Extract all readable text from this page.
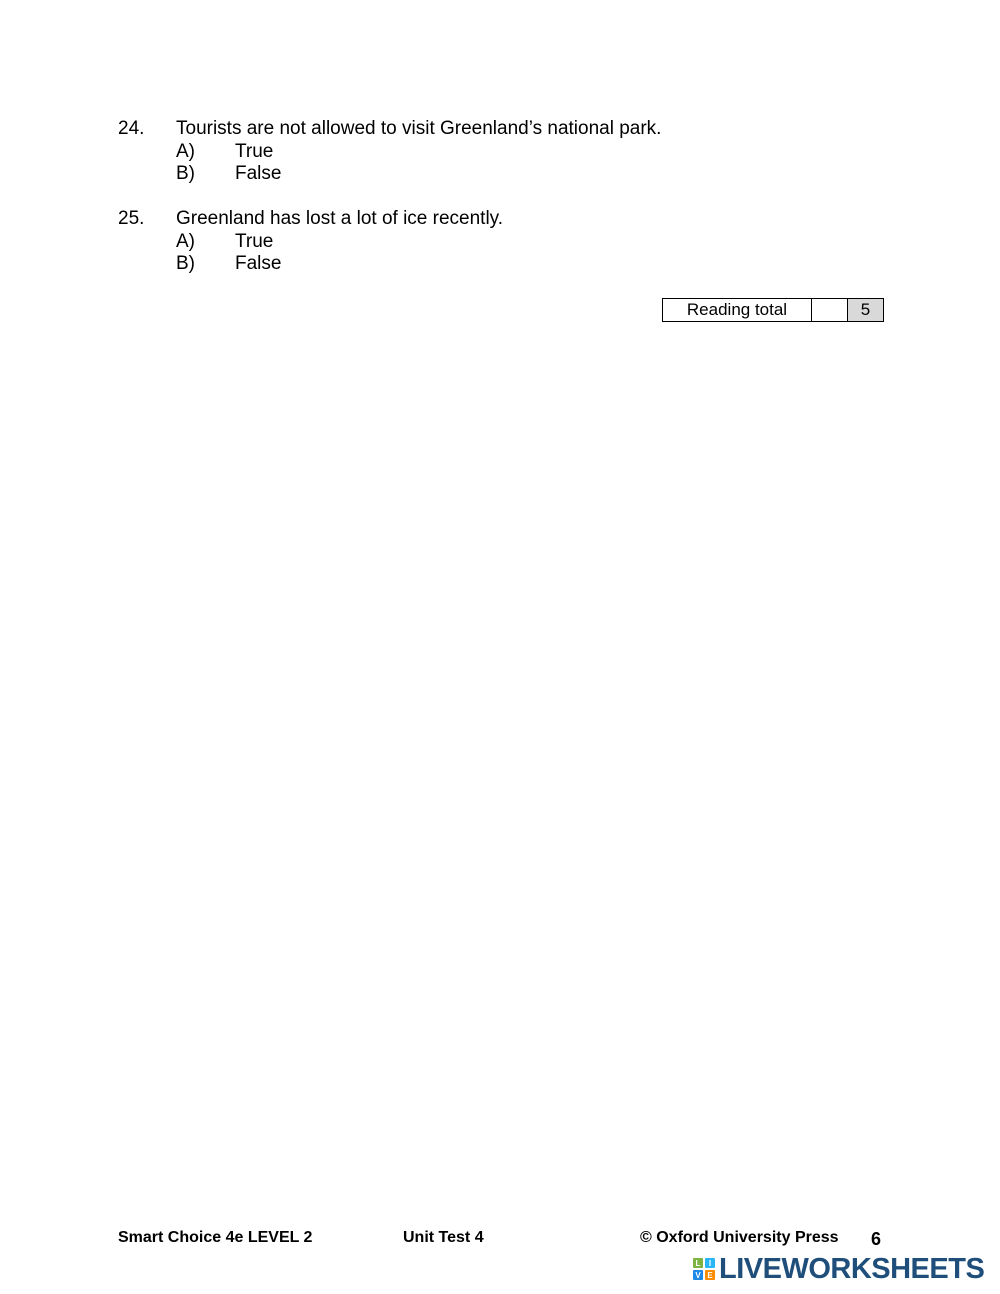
24.	Tourists are not allowed to visit Greenland’s national park.
A)	True
B)	False
25.	Greenland has lost a lot of ice recently.
A)	True
B)	False
Reading total	5
Smart Choice 4e LEVEL 2	Unit Test 4	© Oxford University Press 6
L	I
V E LIVEWORKSHEETS
